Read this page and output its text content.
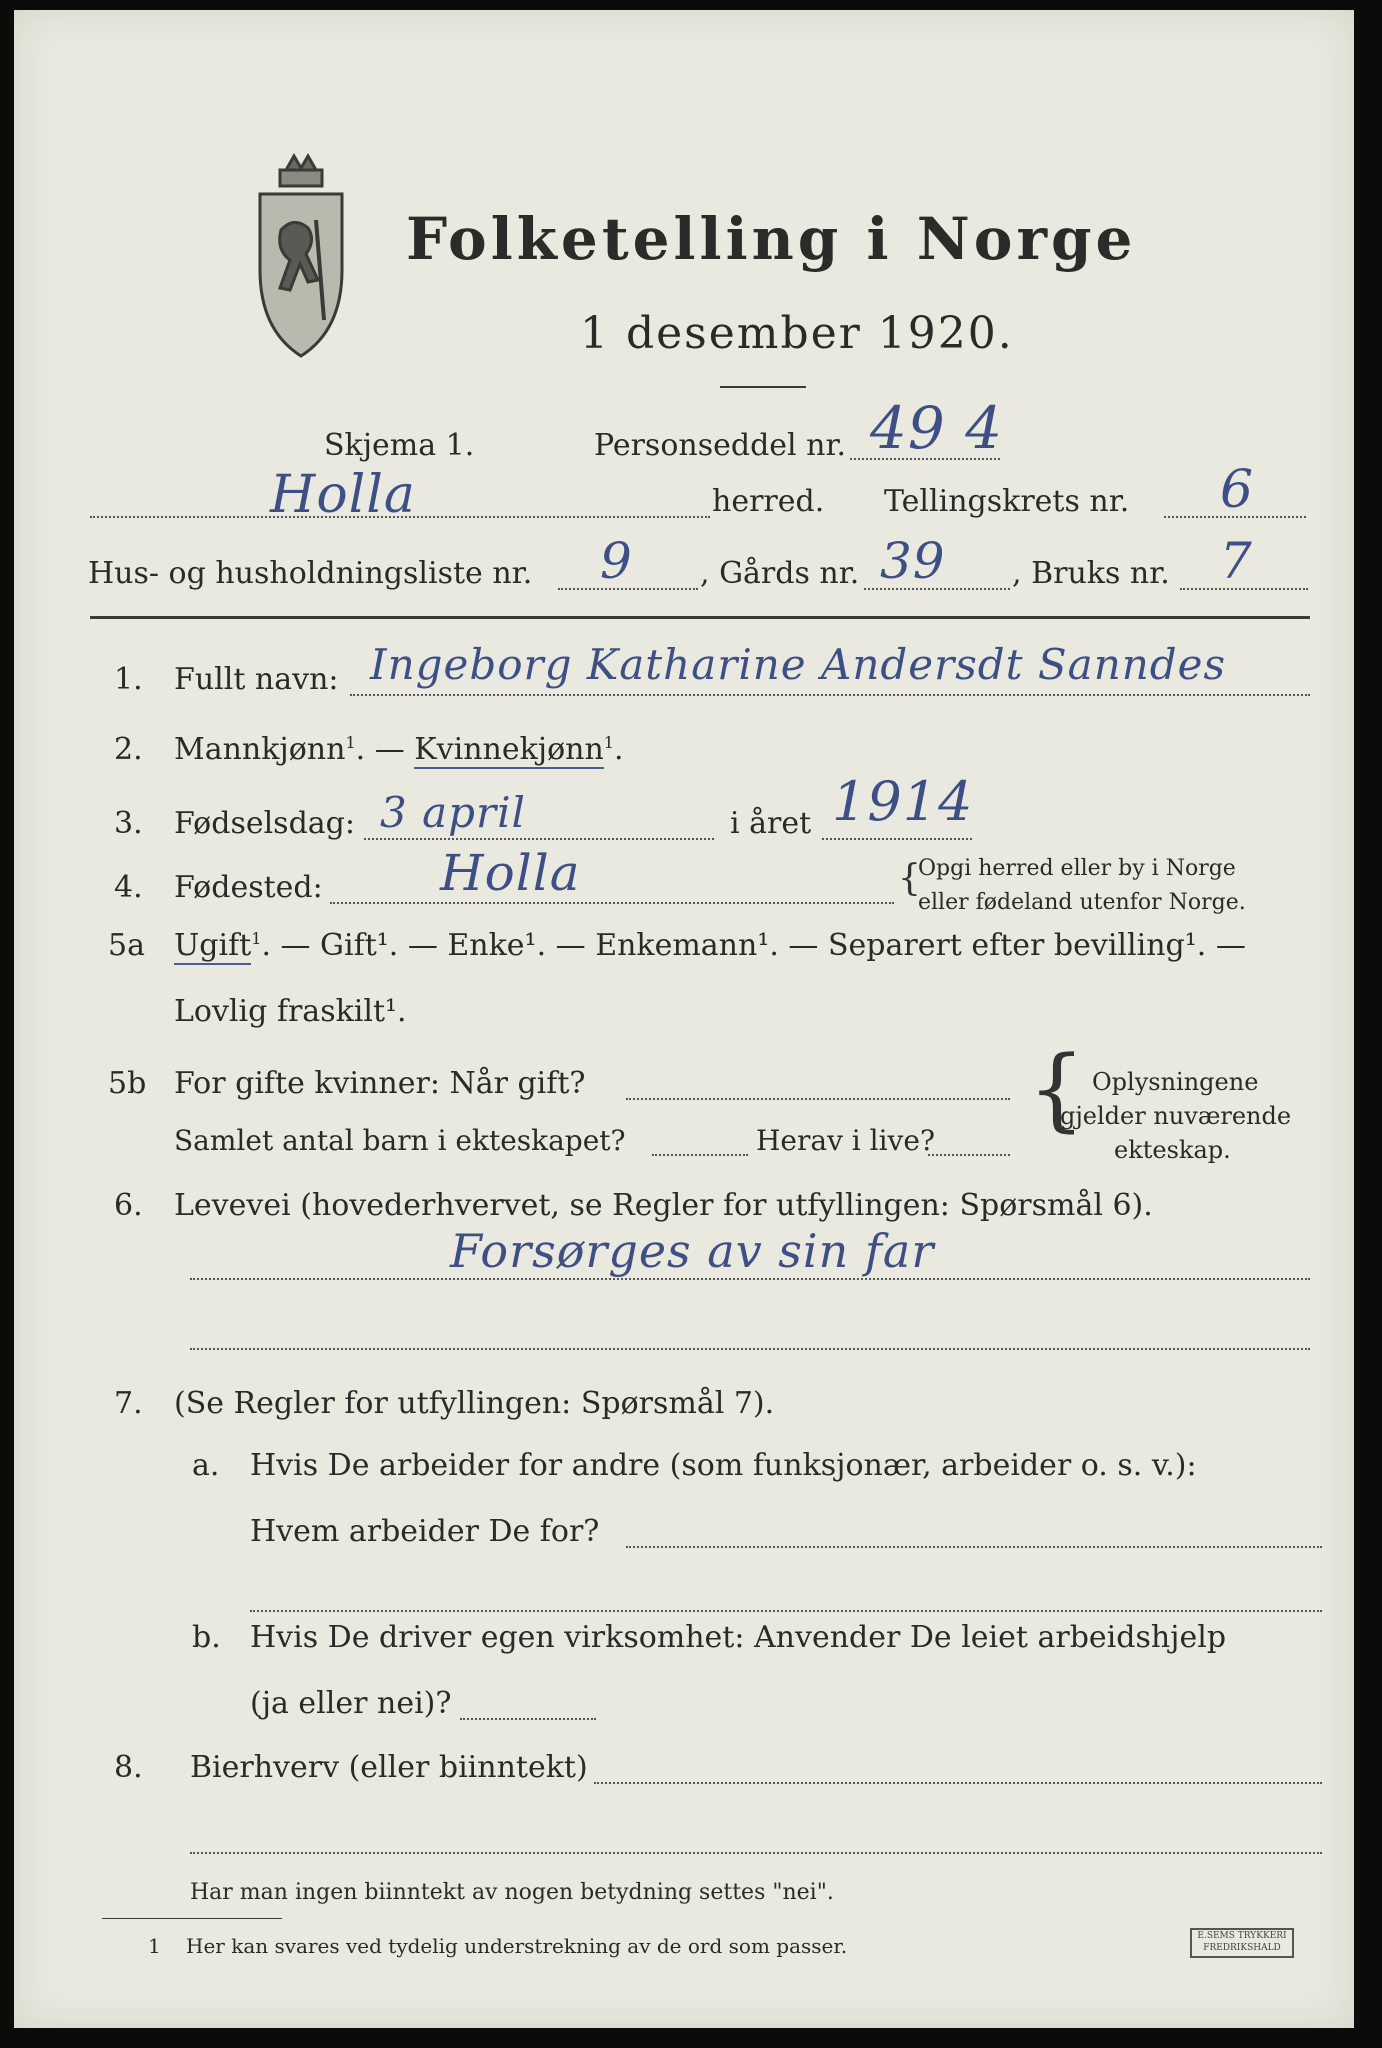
Folketelling i Norge
1 desember 1920.
Skjema 1.	Personseddel nr. 49 4
Holla	herred. Tellingskrets nr. 6
Hus- og husholdningsliste nr. 9 , Gårds nr. 39 , Bruks nr. 7
1. Fullt navn: Ingeborg Katharine Andersdt Sanndes
2. Mannkjønn$^1$. — Kvinnekjønn$^1$.
3. Fødselsdag: 3 april	i året 1914
4. Fødested: Holla	{
Opgi herred eller by i Norge
eller fødeland utenfor Norge.
5a Ugift$^1$. — Gift¹. — Enke¹. — Enkemann¹. — Separert efter bevilling¹. —
Lovlig fraskilt¹.
5b For gifte kvinner: Når gift?
Samlet antal barn i ekteskapet?	Herav i live? { Oplysningene
gjelder nuværende
ekteskap.
6. Levevei (hovederhvervet, se Regler for utfyllingen: Spørsmål 6).
Forsørges av sin far
7. (Se Regler for utfyllingen: Spørsmål 7).
a. Hvis De arbeider for andre (som funksjonær, arbeider o. s. v.):
Hvem arbeider De for?
b. Hvis De driver egen virksomhet: Anvender De leiet arbeidshjelp
(ja eller nei)?
8. Bierhverv (eller biinntekt)
Har man ingen biinntekt av nogen betydning settes "nei".
1 Her kan svares ved tydelig understrekning av de ord som passer.	E.SEMS TRYKKERI
FREDRIKSHALD
